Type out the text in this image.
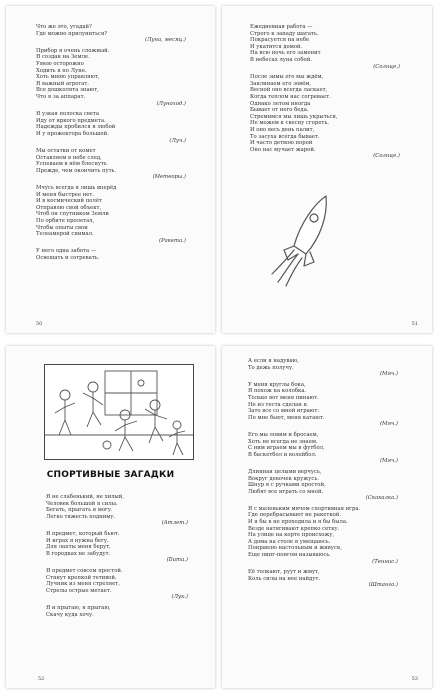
Что же это, угадай?
Где можно прилуниться?
(Луна, месяц.)
Прибор я очень сложный.
Я создан на Земле.
Умею осторожно
Ходить я по Луне.
Хоть мною управляют,
Я важный агрегат.
Все дошколята знают,
Что я за аппарат.
(Луноход.)
Я узкая полоска света
Иду от яркого предмета.
Надежды пробился я любой
И у прожектора большой.
(Луч.)
Мы остатки от комет
Оставляем в небе след,
Успеваем в нём блеснуть
Прежде, чем окончить путь.
(Метеоры.)
Мчусь всегда я лишь вперёд
И меня быстрее нет.
И в космический полёт
Отправлю свой объект,
Чтоб он спутником Земли
По орбите пролетал,
Чтобы опыты свои
Телеамерой снимал.
(Ракета.)
У него одна забота —
Освещать и согревать.
50
Ежедневная работа —
Строго к западу шагать.
Покрасуется на небе
И укатится домой.
На всю ночь его заменит
В небесах луна собой.
(Солнце.)
После зимы его мы ждём,
Заклинаем его зовём,
Весной оно всегда ласкает,
Когда теплом нас согревает.
Однако летом иногда
Бывает от него беда.
Стремимся мы лишь укрыться,
Не можем к свесну сгореть.
И оно весь день палит,
То засуха всегда бывает.
И частo детвою порой
Оно нас мучает жарой.
(Солнце.)
51
СПОРТИВНЫЕ ЗАГАДКИ
Я не слабенький, не хилый,
Человек большой я силы.
Бегать, прыгать я могу.
Легко тяжесть подниму.
(Атлет.)
Я предмет, который бьют.
И играх я нужна бегу.
Для лапты меня берут,
В городках не забудут.
(Бита.)
Я предмет совсем простой.
Стянут крепкой тетивой.
Лучник из меня стреляет,
Стрелы острые метает.
(Лук.)
Я и прыгаю, я прыгаю,
Скачу куда хочу.
52
А если я надуваю,
То дежь получу.
(Мяч.)
У меня круглы бока,
Я похож на колобка.
Только вот меня пинают.
Не из теста сделан я.
Зато все со мной играют:
По мне бьют, меня катают.
(Мяч.)
Его мы ловим и бросаем,
Хоть не всегда не знаем.
С ним играем мы в футбол,
В баскетбол и волейбол.
(Мяч.)
Длинная целыми верчусь,
Вокруг девочек кружусь.
Шнур я с ручками простой,
Любят все играть со мной.
(Скакалка.)
Я с маленьким мячом спортивная игра.
Где перебрасывают не ракеткой.
И я бы в не проходила и я бы была.
Везде натягивают крепко сетку.
На улице на корте происхожу,
А дома на столе я умещаюсь.
Понравлю настольным и живуся,
Еще пинг-понгом называюсь.
(Теннис.)
Её толкают, руут и жмут,
Коль силы на нее найдут.
(Штанга.)
53
